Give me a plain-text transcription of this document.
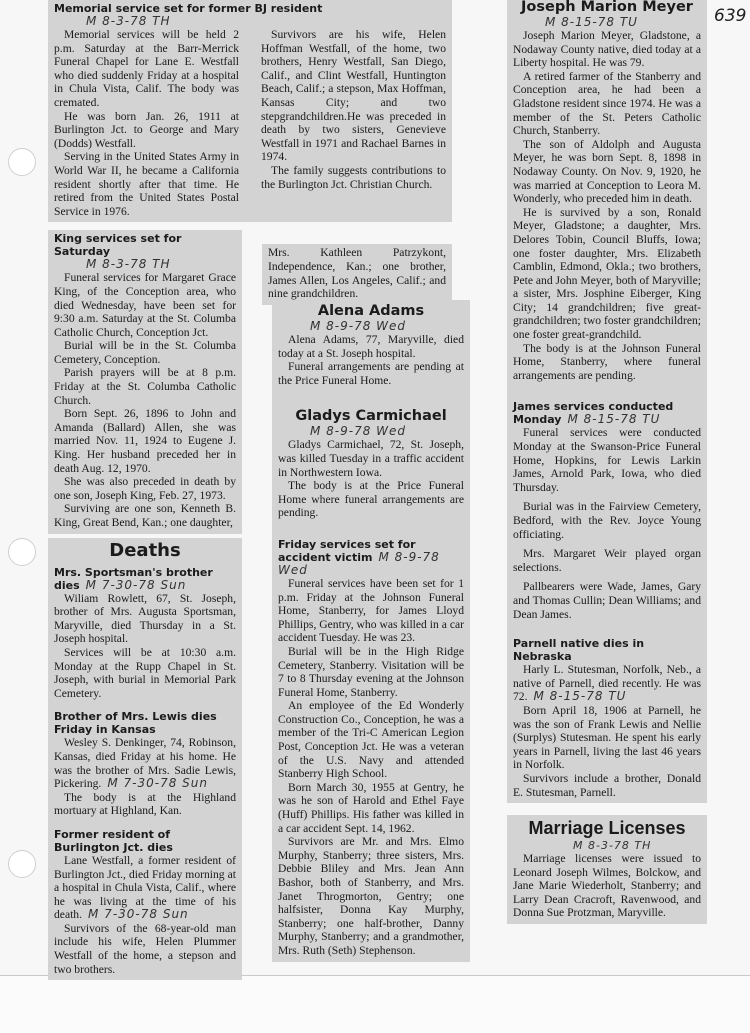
639
Memorial service set for former BJ resident
M 8-3-78 TH

Memorial services will be held 2 p.m. Saturday at the Barr-Merrick Funeral Chapel for Lane E. Westfall who died suddenly Friday at a hospital in Chula Vista, Calif. The body was cremated.

He was born Jan. 26, 1911 at Burlington Jct. to George and Mary (Dodds) Westfall.

Serving in the United States Army in World War II, he became a California resident shortly after that time. He retired from the United States Postal Service in 1976.

Survivors are his wife, Helen Hoffman Westfall, of the home, two brothers, Henry Westfall, San Diego, Calif., and Clint Westfall, Huntington Beach, Calif.; a stepson, Max Hoffman, Kansas City; and two stepgrandchildren.He was preceded in death by two sisters, Genevieve Westfall in 1971 and Rachael Barnes in 1974.

The family suggests contributions to the Burlington Jct. Christian Church.

King services set for Saturday
M 8-3-78 TH

Funeral services for Margaret Grace King, of the Conception area, who died Wednesday, have been set for 9:30 a.m. Saturday at the St. Columba Catholic Church, Conception Jct.

Burial will be in the St. Columba Cemetery, Conception.

Parish prayers will be at 8 p.m. Friday at the St. Columba Catholic Church.

Born Sept. 26, 1896 to John and Amanda (Ballard) Allen, she was married Nov. 11, 1924 to Eugene J. King. Her husband preceded her in death Aug. 12, 1970.

She was also preceded in death by one son, Joseph King, Feb. 27, 1973.

Surviving are one son, Kenneth B. King, Great Bend, Kan.; one daughter,

Deaths
Mrs. Sportsman's brother dies M 7-30-78 Sun

Wiliam Rowlett, 67, St. Joseph, brother of Mrs. Augusta Sportsman, Maryville, died Thursday in a St. Joseph hospital.

Services will be at 10:30 a.m. Monday at the Rupp Chapel in St. Joseph, with burial in Memorial Park Cemetery.

Brother of Mrs. Lewis dies Friday in Kansas

Wesley S. Denkinger, 74, Robinson, Kansas, died Friday at his home. He was the brother of Mrs. Sadie Lewis, Pickering. M 7-30-78 Sun

The body is at the Highland mortuary at Highland, Kan.

Former resident of Burlington Jct. dies

Lane Westfall, a former resident of Burlington Jct., died Friday morning at a hospital in Chula Vista, Calif., where he was living at the time of his death. M 7-30-78 Sun

Survivors of the 68-year-old man include his wife, Helen Plummer Westfall of the home, a stepson and two brothers.

Mrs. Kathleen Patrzykont, Independence, Kan.; one brother, James Allen, Los Angeles, Calif.; and nine grandchildren.

Alena Adams
M 8-9-78 Wed

Alena Adams, 77, Maryville, died today at a St. Joseph hospital.

Funeral arrangements are pending at the Price Funeral Home.

Gladys Carmichael
M 8-9-78 Wed

Gladys Carmichael, 72, St. Joseph, was killed Tuesday in a traffic accident in Northwestern Iowa.

The body is at the Price Funeral Home where funeral arrangements are pending.

Friday services set for accident victim M 8-9-78 Wed

Funeral services have been set for 1 p.m. Friday at the Johnson Funeral Home, Stanberry, for James Lloyd Phillips, Gentry, who was killed in a car accident Tuesday. He was 23.

Burial will be in the High Ridge Cemetery, Stanberry. Visitation will be 7 to 8 Thursday evening at the Johnson Funeral Home, Stanberry.

An employee of the Ed Wonderly Construction Co., Conception, he was a member of the Tri-C American Legion Post, Conception Jct. He was a veteran of the U.S. Navy and attended Stanberry High School.

Born March 30, 1955 at Gentry, he was he son of Harold and Ethel Faye (Huff) Phillips. His father was killed in a car accident Sept. 14, 1962.

Survivors are Mr. and Mrs. Elmo Murphy, Stanberry; three sisters, Mrs. Debbie Bliley and Mrs. Jean Ann Bashor, both of Stanberry, and Mrs. Janet Throgmorton, Gentry; one halfsister, Donna Kay Murphy, Stanberry; one half-brother, Danny Murphy, Stanberry; and a grandmother, Mrs. Ruth (Seth) Stephenson.

Joseph Marion Meyer
M 8-15-78 TU

Joseph Marion Meyer, Gladstone, a Nodaway County native, died today at a Liberty hospital. He was 79.

A retired farmer of the Stanberry and Conception area, he had been a Gladstone resident since 1974. He was a member of the St. Peters Catholic Church, Stanberry.

The son of Aldolph and Augusta Meyer, he was born Sept. 8, 1898 in Nodaway County. On Nov. 9, 1920, he was married at Conception to Leora M. Wonderly, who preceded him in death.

He is survived by a son, Ronald Meyer, Gladstone; a daughter, Mrs. Delores Tobin, Council Bluffs, Iowa; one foster daughter, Mrs. Elizabeth Camblin, Edmond, Okla.; two brothers, Pete and John Meyer, both of Maryville; a sister, Mrs. Josphine Eiberger, King City; 14 grandchildren; five great-grandchildren; two foster grandchildren; one foster great-grandchild.

The body is at the Johnson Funeral Home, Stanberry, where funeral arrangements are pending.

James services conducted Monday M 8-15-78 TU

Funeral services were conducted Monday at the Swanson-Price Funeral Home, Hopkins, for Lewis Larkin James, Arnold Park, Iowa, who died Thursday.

Burial was in the Fairview Cemetery, Bedford, with the Rev. Joyce Young officiating.

Mrs. Margaret Weir played organ selections.

Pallbearers were Wade, James, Gary and Thomas Cullin; Dean Williams; and Dean James.

Parnell native dies in Nebraska

Harly L. Stutesman, Norfolk, Neb., a native of Parnell, died recently. He was 72. M 8-15-78 TU

Born April 18, 1906 at Parnell, he was the son of Frank Lewis and Nellie (Surplys) Stutesman. He spent his early years in Parnell, living the last 46 years in Norfolk.

Survivors include a brother, Donald E. Stutesman, Parnell.

Marriage Licenses
M 8-3-78 TH

Marriage licenses were issued to Leonard Joseph Wilmes, Bolckow, and Jane Marie Wiederholt, Stanberry; and Larry Dean Cracroft, Ravenwood, and Donna Sue Protzman, Maryville.
